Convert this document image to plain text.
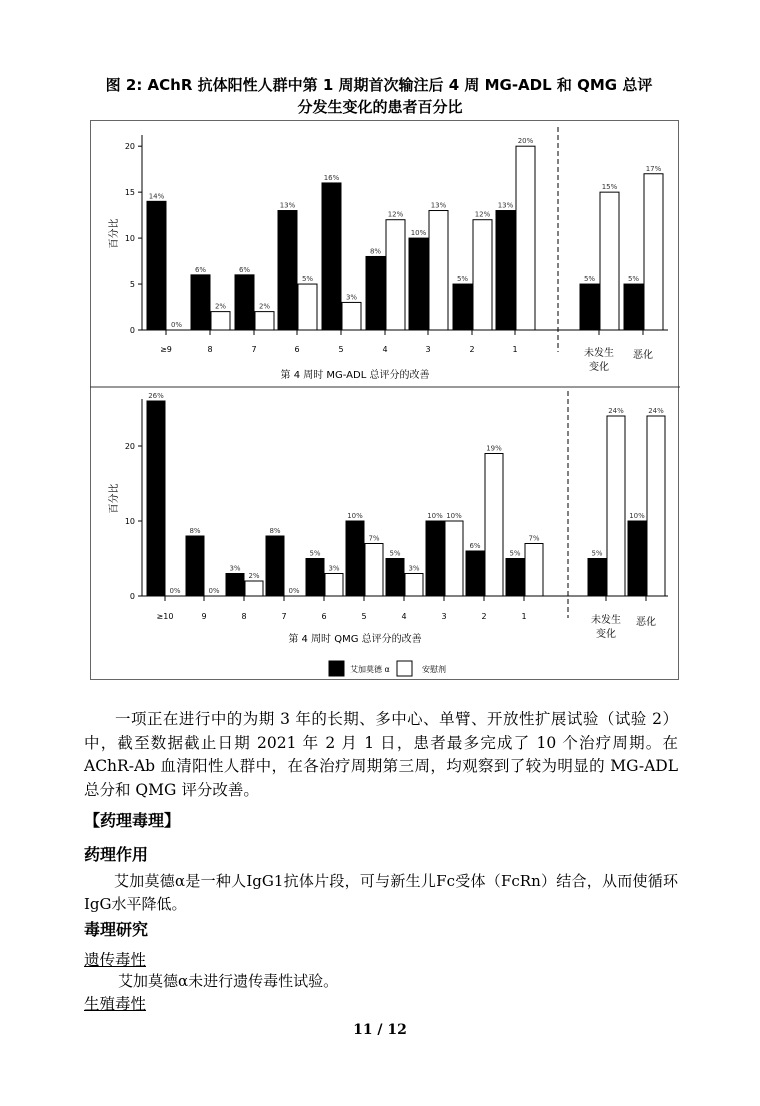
图 2: AChR 抗体阳性人群中第 1 周期首次输注后 4 周 MG-ADL 和 QMG 总评
分发生变化的患者百分比
0
5
10
15
20
百分比
14%
0%
≥9
6%
2%
8
6%
2%
7
13%
5%
6
16%
3%
5
8%
12%
4
10%
13%
3
5%
12%
2
13%
20%
1
5%
15%
未发生
变化
5%
17%
恶化
第 4 周时 MG-ADL 总评分的改善
0
10
20
百分比
26%
0%
≥10
8%
0%
9
3%
2%
8
8%
0%
7
5%
3%
6
10%
7%
5
5%
3%
4
10% 10%
3
6%
19%
2
5%
7%
1
5%
24%
未发生
变化
10%
24%
恶化
第 4 周时 QMG 总评分的改善
艾加莫德 α	安慰剂
一项正在进行中的为期 3 年的长期、多中心、单臂、开放性扩展试验（试验 2）中，截至数据截止日期 2021 年 2 月 1 日，患者最多完成了 10 个治疗周期。在 AChR-Ab 血清阳性人群中，在各治疗周期第三周，均观察到了较为明显的 MG-ADL 总分和 QMG 评分改善。
【药理毒理】
药理作用
艾加莫德α是一种人IgG1抗体片段，可与新生儿Fc受体（FcRn）结合，从而使循环IgG水平降低。
毒理研究
遗传毒性
艾加莫德α未进行遗传毒性试验。
生殖毒性
11 / 12
